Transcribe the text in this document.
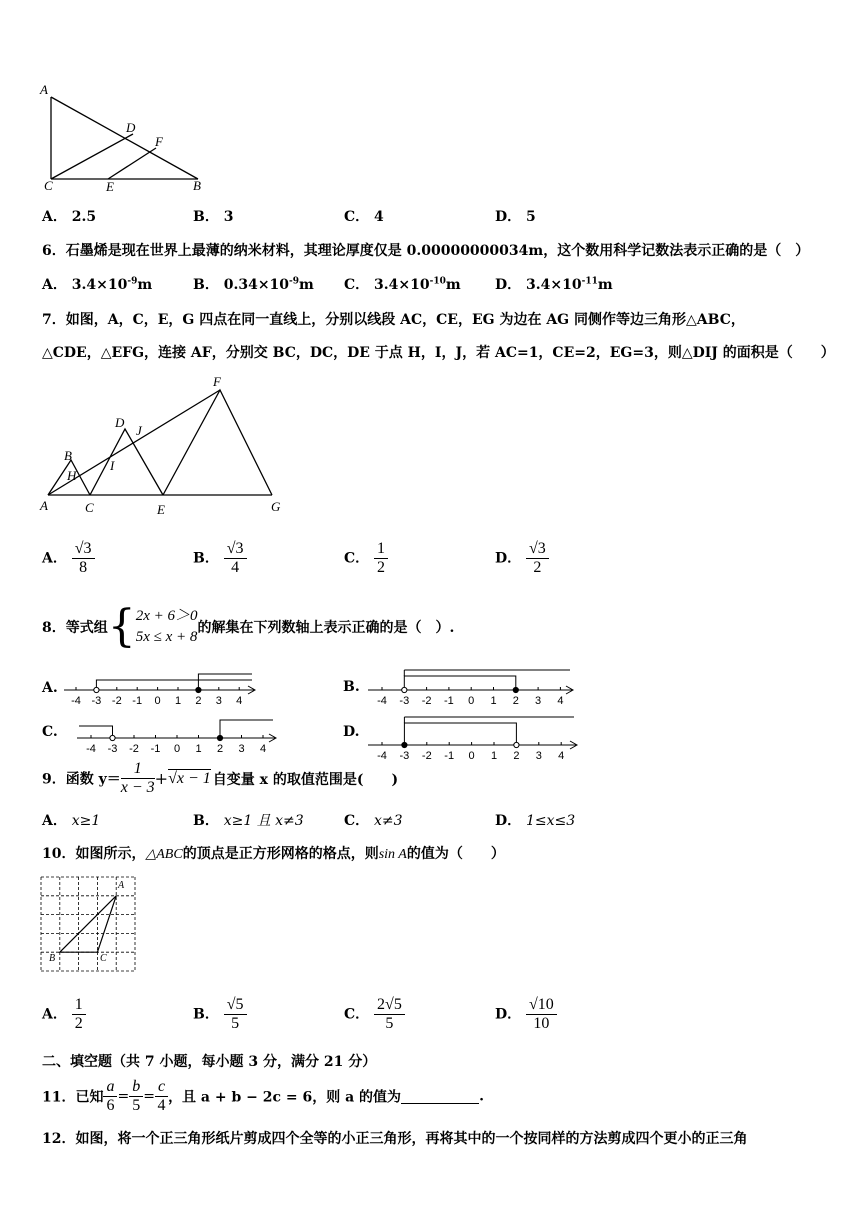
A
D
F
C	E	B
A． 2.5	B． 3	C． 4	D． 5
6．石墨烯是现在世界上最薄的纳米材料，其理论厚度仅是 0.00000000034m，这个数用科学记数法表示正确的是（　）
A． $3.4\times 10^{-9}m$	B． $0.34\times 10^{-9}m$ C． $3.4\times 10^{-10}m$ D． $3.4\times 10^{-11}m$
7．如图，A，C，E，G 四点在同一直线上，分别以线段 AC，CE，EG 为边在 AG 同侧作等边三角形△ABC，
△CDE，△EFG，连接 AF，分别交 BC，DC，DE 于点 H，I，J，若 AC=1，CE=2，EG=3，则△DIJ 的面积是（　　）
F
D
J
B
I
H
A	C	E	G
A． $\frac{√3}{8}$	B． $\frac{√3}{4}$	C． $\frac{1}{2}$	D． $\frac{√3}{2}$
8．等式组{ 2x + 6＞0
5x ≤ x + 8
的解集在下列数轴上表示正确的是（　）.
A.	B.
C.	D.
-4 -3 -2 -1 0 1 2 3 4	-4 -3 -2 -1 0 1 2 3 4
-4 -3 -2 -1 0 1 2 3 4
-4 -3 -2 -1 0 1 2 3 4
9．函数 $y= \frac{1}{x - 3} +√x - 1$ 自变量 x 的取值范围是(　　)
A． x≥1	B． x≥1 且 x≠3	C． x≠3	D． 1≤x≤3
10．如图所示，△ABC的顶点是正方形网格的格点，则sin A的值为（　　）
A
B	C
A． $\frac{1}{2}$	B． $\frac{√5}{5}$	C． $\frac{2√5}{5}$	D． $\frac{√10}{10}$
二、填空题（共 7 小题，每小题 3 分，满分 21 分）
11．已知 $\frac{a}{6} = \frac{b}{5} = \frac{c}{4}$ ，且 a + b − 2c = 6，则 a 的值为	.
12．如图，将一个正三角形纸片剪成四个全等的小正三角形，再将其中的一个按同样的方法剪成四个更小的正三角
